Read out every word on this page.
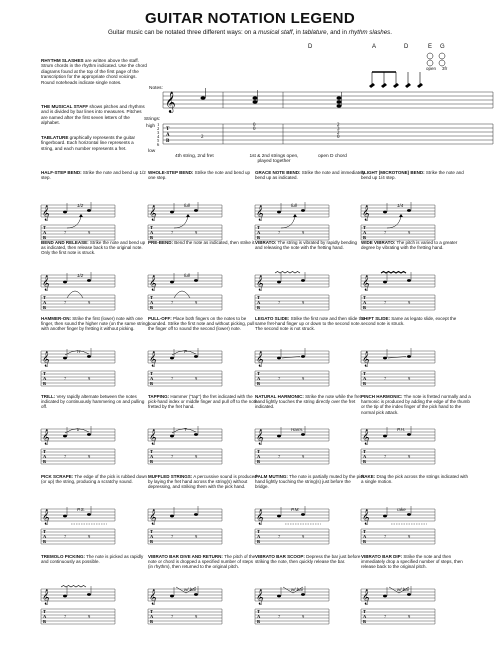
GUITAR NOTATION LEGEND
Guitar music can be notated three different ways: on a musical staff, in tablature, and in rhythm slashes.
RHYTHM SLASHES are written above the staff. Strum chords in the rhythm indicated. Use the chord diagrams found at the top of the first page of the transcription for the appropriate chord voicings. Round noteheads indicate single notes.
THE MUSICAL STAFF shows pitches and rhythms and is divided by bar lines into measures. Pitches are named after the first seven letters of the alphabet.
TABLATURE graphically represents the guitar fingerboard. Each horizontal line represents a string, and each number represents a fret.
D	A	D	E G
open 3fr
Notes:
Strings:
high
low
𝄞
T
A
B
1
2
3
4
5
6
2
0
0
2
3
2
0
4th string, 2nd fret	1st & 2nd strings open, played together
open D chord
HALF-STEP BEND: Strike the note and bend up 1/2 step.
𝄞
T
A
B
7	9
1/2
WHOLE-STEP BEND: Strike the note and bend up one step.
𝄞
T
A
B
7	9
full
GRACE NOTE BEND: Strike the note and immediately bend up as indicated.
𝄞
T
A
B
7	9
full
SLIGHT (MICROTONE) BEND: Strike the note and bend up 1/4 step.
𝄞
T
A
B
7	9
1/4
BEND AND RELEASE: Strike the note and bend up as indicated, then release back to the original note. Only the first note is struck.
𝄞
T
A
B
7	9
1/2
PRE-BEND: Bend the note as indicated, then strike it.
𝄞
T
A
B
7	9
full
VIBRATO: The string is vibrated by rapidly bending and releasing the note with the fretting hand.
𝄞
T
A
B
7	9
WIDE VIBRATO: The pitch is varied to a greater degree by vibrating with the fretting hand.
𝄞
T
A
B
7	9
HAMMER-ON: Strike the first (lower) note with one finger, then sound the higher note (on the same string) with another finger by fretting it without picking.
𝄞
T
A
B
7	9
H
PULL-OFF: Place both fingers on the notes to be sounded. Strike the first note and without picking, pull the finger off to sound the second (lower) note.
𝄞
T
A
B
7	9
P
LEGATO SLIDE: Strike the first note and then slide the same fret-hand finger up or down to the second note. The second note is not struck.
𝄞
T
A
B
7	9
SHIFT SLIDE: Same as legato slide, except the second note is struck.
𝄞
T
A
B
7	9
TRILL: Very rapidly alternate between the notes indicated by continuously hammering on and pulling off.
𝄞
T
A
B
7	9
tr
TAPPING: Hammer ("tap") the fret indicated with the pick-hand index or middle finger and pull off to the note fretted by the fret hand.
𝄞
T
A
B
7	9
T
NATURAL HARMONIC: Strike the note while the fret-hand lightly touches the string directly over the fret indicated.
𝄞
T
A
B
7	9
Harm.
PINCH HARMONIC: The note is fretted normally and a harmonic is produced by adding the edge of the thumb or the tip of the index finger of the pick hand to the normal pick attack.
𝄞
T
A
B
7	9
P.H.
PICK SCRAPE: The edge of the pick is rubbed down (or up) the string, producing a scratchy sound.
𝄞
T
A
B
7	9
P.S.
MUFFLED STRINGS: A percussive sound is produced by laying the fret hand across the string(s) without depressing, and striking them with the pick hand.
𝄞
T
A
B
7	9
PALM MUTING: The note is partially muted by the pick hand lightly touching the string(s) just before the bridge.
𝄞
T
A
B
7	9
P.M.
RAKE: Drag the pick across the strings indicated with a single motion.
𝄞
T
A
B
7	9
rake
TREMOLO PICKING: The note is picked as rapidly and continuously as possible.
𝄞
T
A
B
7	9
VIBRATO BAR DIVE AND RETURN: The pitch of the note or chord is dropped a specified number of steps (in rhythm), then returned to the original pitch.
𝄞
T
A
B
7	9
w/ bar
VIBRATO BAR SCOOP: Depress the bar just before striking the note, then quickly release the bar.
𝄞
T
A
B
7	9
w/ bar
VIBRATO BAR DIP: Strike the note and then immediately drop a specified number of steps, then release back to the original pitch.
𝄞
T
A
B
7	9
w/ bar
